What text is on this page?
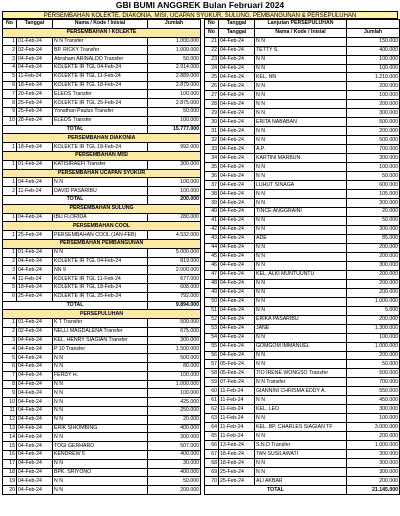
GBI BUMI ANGGREK Bulan Februari 2024
PERSEMBAHAN KOLEKTE, DIAKONIA, MISI, UCAPAN SYUKUR, SULUNG, PEMBANGUNAN & PERSEPULUHAN
No	Tanggal	Nama / Kode / Inisial	Jumlah
PERSEMBAHAN / KOLEKTE			
1	01-Feb-24	N N Transfer	1.000.000
2	02-Feb-24	BP. RICKY Transfer	1.000.000
3	04-Feb-24	Abraham ARINALDO Transfer	50.000
4	04-Feb-24	KOLEKTE IR TGL 04-Feb-24	2.914.000
5	11-Feb-24	KOLEKTE IR TGL 11-Feb-24	2.889.000
6	18-Feb-24	KOLEKTE IR TGL 18-Feb-24	2.879.000
7	20-Feb-24	ELEOS Transfer	100.000
8	25-Feb-24	KOLEKTE IR TGL 25-Feb-24	2.875.000
9	25-Feb-24	Yonathan Paulus Transfer	50.000
10	28-Feb-24	ELEOS Transfer	100.000
TOTAL			15.777.000
PERSEMBAHAN DIAKONIA			
1	18-Feb-24	KOLEKTE IR TGL 18-Feb-24	992.000
PERSEMBAHAN MISI			
1	01-Feb-24	KATISIRAEFI Transfer	300.000
PERSEMBAHAN UCAPAN SYUKUR			
1	04-Feb-24	N N	100.000
2	11-Feb-24	DAVID PASARIBU	100.000
TOTAL			200.000
PERSEMBAHAN SULUNG			
1	04-Feb-24	IBU FLORIDA	280.000
PERSEMBAHAN COOL			
1	25-Feb-24	PERSEMBAHAN COOL (JAN-FEB)	4.532.000
PERSEMBAHAN PEMBANGUNAN			
1	01-Feb-24	N N	5.000.000
2	04-Feb-24	KOLEKTE IR TGL 04-Feb-24	819.000
3	04-Feb-24	NN 9	2.000.000
4	11-Feb-24	KOLEKTE IR TGL 11-Feb-24	677.000
5	18-Feb-24	KOLEKTE IR TGL 18-Feb-24	608.000
6	25-Feb-24	KOLEKTE IR TGL 25-Feb-24	792.000
TOTAL			9.894.000
PERSEPULUHAN			
1	01-Feb-24	K T Transfer	500.000
2	02-Feb-24	NELLI MAGDALENA Transfer	675.000
3	04-Feb-24	KEL. HENRY SIAGIAN Transfer	300.000
4	04-Feb-24	P 10 Transfer	1.500.000
5	04-Feb-24	N N	500.000
6	04-Feb-24	N N	80.000
7	04-Feb-24	FERDY H.	100.000
8	04-Feb-24	N N	1.000.000
9	04-Feb-24	N N	100.000
10	04-Feb-24	N N	425.000
11	04-Feb-24	N N	250.000
12	04-Feb-24	N N	20.000
13	04-Feb-24	ERIK SIHOMBING	400.000
14	04-Feb-24	N N	300.000
15	04-Feb-24	TOGI GERHARD	507.000
16	04-Feb-24	KENDREW 5	400.000
17	04-Feb-24	N N	30.000
18	04-Feb-24	BPK. SRIYONO	400.000
19	04-Feb-24	N N	50.000
20	04-Feb-24	N N	200.000
No	Tanggal	Lanjutan PERSEPULUHAN	
No	Tanggal	Nama / Kode / Inisial	Jumlah
21	04-Feb-24	N N	150.000
22	04-Feb-24	TETTY S.	400.000
23	04-Feb-24	N N	100.000
24	04-Feb-24	N N	100.000
25	04-Feb-24	KEL. NN	1.210.000
26	04-Feb-24	N N	200.000
27	04-Feb-24	N N	100.000
28	04-Feb-24	N N	200.000
29	04-Feb-24	N N	300.000
30	04-Feb-24	ERITA NABABAN	500.000
31	04-Feb-24	N N	200.000
32	04-Feb-24	N N	500.000
33	04-Feb-24	A.P.	700.000
34	04-Feb-24	KARTINI MARBUN	300.000
35	04-Feb-24	N N	100.000
36	04-Feb-24	N N	50.000
37	04-Feb-24	LUHUT SINAGA	600.000
38	04-Feb-24	N N	105.000
39	04-Feb-24	N N	300.000
40	04-Feb-24	TINCE ANGGRAINI	20.000
41	04-Feb-24	N N	50.000
42	04-Feb-24	N N	300.000
43	04-Feb-24	ADE	85.000
44	04-Feb-24	N N	200.000
45	04-Feb-24	N N	200.000
46	04-Feb-24	N N	300.000
47	04-Feb-24	KEL. ALKI MUNTUUNTU	200.000
48	04-Feb-24	N N	200.000
49	04-Feb-24	N N	200.000
50	04-Feb-24	N N	1.000.000
51	04-Feb-24	N N	5.000
52	04-Feb-24	ERIKA PASARIBU	200.000
53	04-Feb-24	JANE	1.300.000
54	04-Feb-24	N N	100.000
55	04-Feb-24	GOMGOM IMMANUEL	1.000.000
56	04-Feb-24	N N	200.000
57	05-Feb-24	N N	50.000
58	05-Feb-24	TIO IRENE WONGSO Transfer	500.000
59	07-Feb-24	N N Transfer	700.000
60	11-Feb-24	GIANNINI CHRISMA EDDY A.	550.000
61	11-Feb-24	N N	450.000
62	11-Feb-24	KEL. LEO	300.000
63	11-Feb-24	N N	100.000
64	11-Feb-24	KEL. BP. CHARLES SIAGIAN TF	3.000.000
65	11-Feb-24	N N	200.000
66	13-Feb-24	S.N.D Transfer	1.000.000
67	18-Feb-24	TAN SUSILAWATI	300.000
68	18-Feb-24	N N	300.000
69	25-Feb-24	N N	300.000
70	25-Feb-24	ALI AKBAR	200.000
TOTAL			21.145.000
